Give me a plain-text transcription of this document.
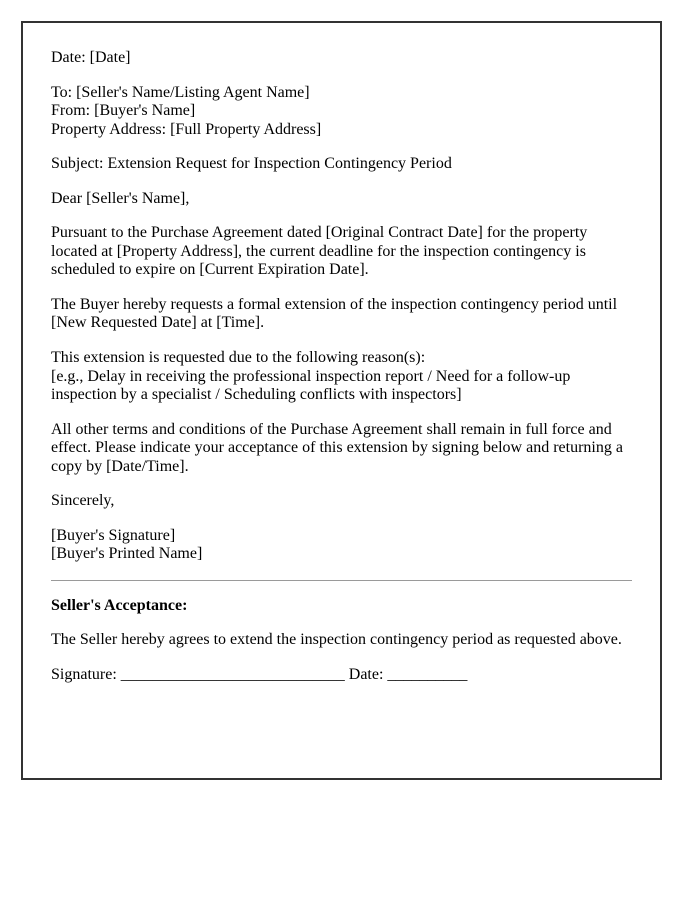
Date: [Date]

To: [Seller's Name/Listing Agent Name]
From: [Buyer's Name]
Property Address: [Full Property Address]

Subject: Extension Request for Inspection Contingency Period

Dear [Seller's Name],

Pursuant to the Purchase Agreement dated [Original Contract Date] for the property located at [Property Address], the current deadline for the inspection contingency is scheduled to expire on [Current Expiration Date].

The Buyer hereby requests a formal extension of the inspection contingency period until [New Requested Date] at [Time].

This extension is requested due to the following reason(s):
[e.g., Delay in receiving the professional inspection report / Need for a follow-up inspection by a specialist / Scheduling conflicts with inspectors]

All other terms and conditions of the Purchase Agreement shall remain in full force and effect. Please indicate your acceptance of this extension by signing below and returning a copy by [Date/Time].

Sincerely,

[Buyer's Signature]
[Buyer's Printed Name]

Seller's Acceptance:

The Seller hereby agrees to extend the inspection contingency period as requested above.

Signature: ____________________________ Date: __________
